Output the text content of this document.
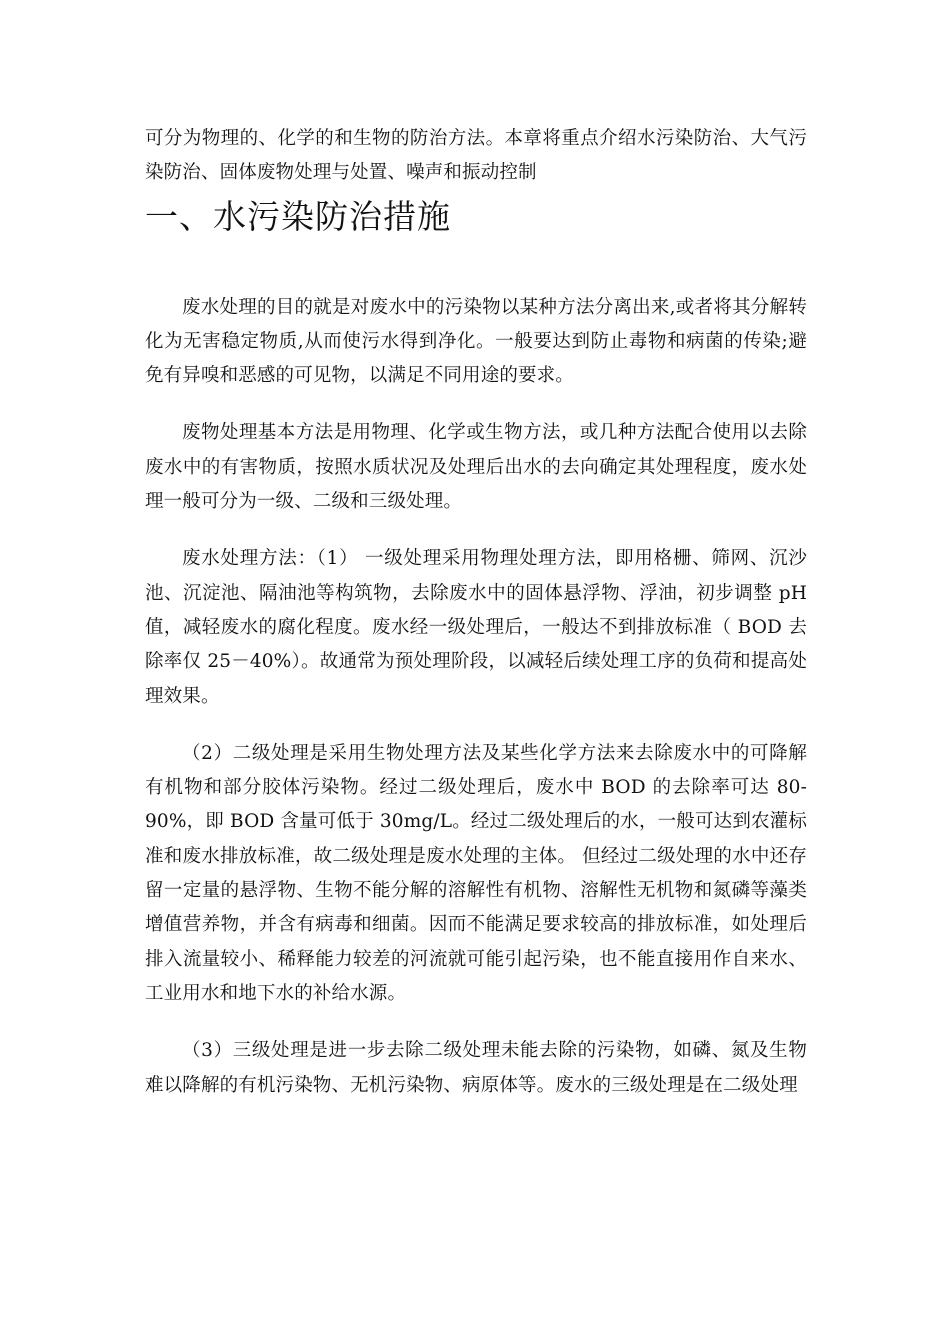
可分为物理的、化学的和生物的防治方法。本章将重点介绍水污染防治、大气污染防治、固体废物处理与处置、噪声和振动控制

一、水污染防治措施

废水处理的目的就是对废水中的污染物以某种方法分离出来,或者将其分解转化为无害稳定物质,从而使污水得到净化。一般要达到防止毒物和病菌的传染;避免有异嗅和恶感的可见物，以满足不同用途的要求。

废物处理基本方法是用物理、化学或生物方法，或几种方法配合使用以去除废水中的有害物质，按照水质状况及处理后出水的去向确定其处理程度，废水处理一般可分为一级、二级和三级处理。

废水处理方法：（1） 一级处理采用物理处理方法，即用格栅、筛网、沉沙池、沉淀池、隔油池等构筑物，去除废水中的固体悬浮物、浮油，初步调整 pH 值，减轻废水的腐化程度。废水经一级处理后，一般达不到排放标准（ BOD 去除率仅 25－40%）。故通常为预处理阶段，以减轻后续处理工序的负荷和提高处理效果。

（2）二级处理是采用生物处理方法及某些化学方法来去除废水中的可降解有机物和部分胶体污染物。经过二级处理后，废水中 BOD 的去除率可达 80-90%，即 BOD 含量可低于 30mg/L。经过二级处理后的水，一般可达到农灌标准和废水排放标准，故二级处理是废水处理的主体。 但经过二级处理的水中还存留一定量的悬浮物、生物不能分解的溶解性有机物、溶解性无机物和氮磷等藻类增值营养物，并含有病毒和细菌。因而不能满足要求较高的排放标准，如处理后排入流量较小、稀释能力较差的河流就可能引起污染，也不能直接用作自来水、工业用水和地下水的补给水源。

（3）三级处理是进一步去除二级处理未能去除的污染物，如磷、氮及生物难以降解的有机污染物、无机污染物、病原体等。废水的三级处理是在二级处理
